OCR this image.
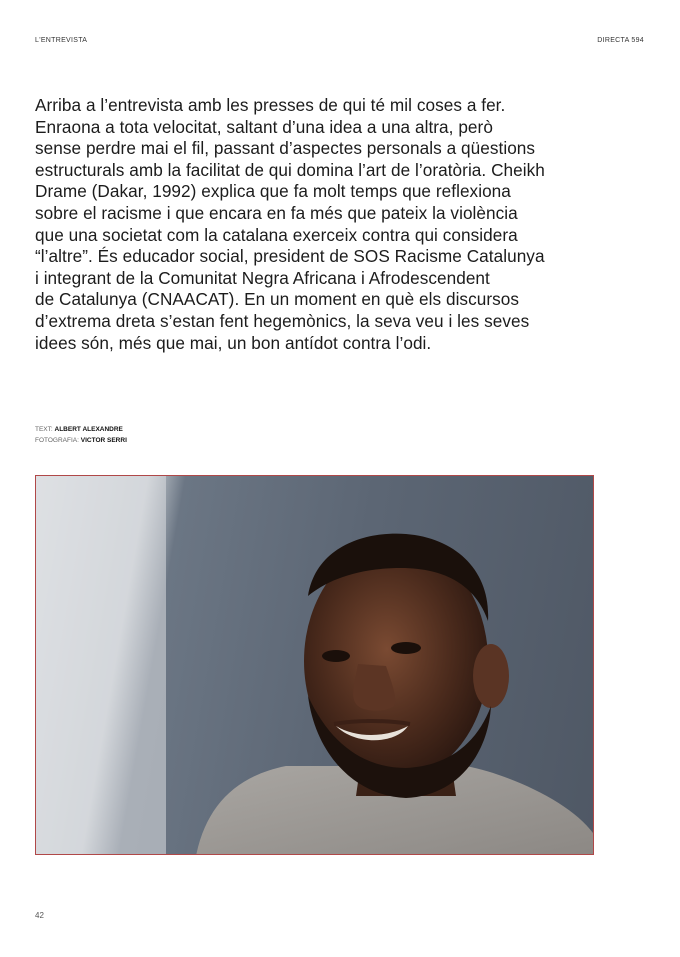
L'ENTREVISTA	DIRECTA 594

Arriba a l’entrevista amb les presses de qui té mil coses a fer.
Enraona a tota velocitat, saltant d’una idea a una altra, però
sense perdre mai el fil, passant d’aspectes personals a qüestions
estructurals amb la facilitat de qui domina l’art de l’oratòria. Cheikh
Drame (Dakar, 1992) explica que fa molt temps que reflexiona
sobre el racisme i que encara en fa més que pateix la violència
que una societat com la catalana exerceix contra qui considera
“l’altre”. És educador social, president de SOS Racisme Catalunya
i integrant de la Comunitat Negra Africana i Afrodescendent
de Catalunya (CNAACAT). En un moment en què els discursos
d’extrema dreta s’estan fent hegemònics, la seva veu i les seves
idees són, més que mai, un bon antídot contra l’odi.

TEXT: ALBERT ALEXANDRE
FOTOGRAFIA: VICTOR SERRI
42
